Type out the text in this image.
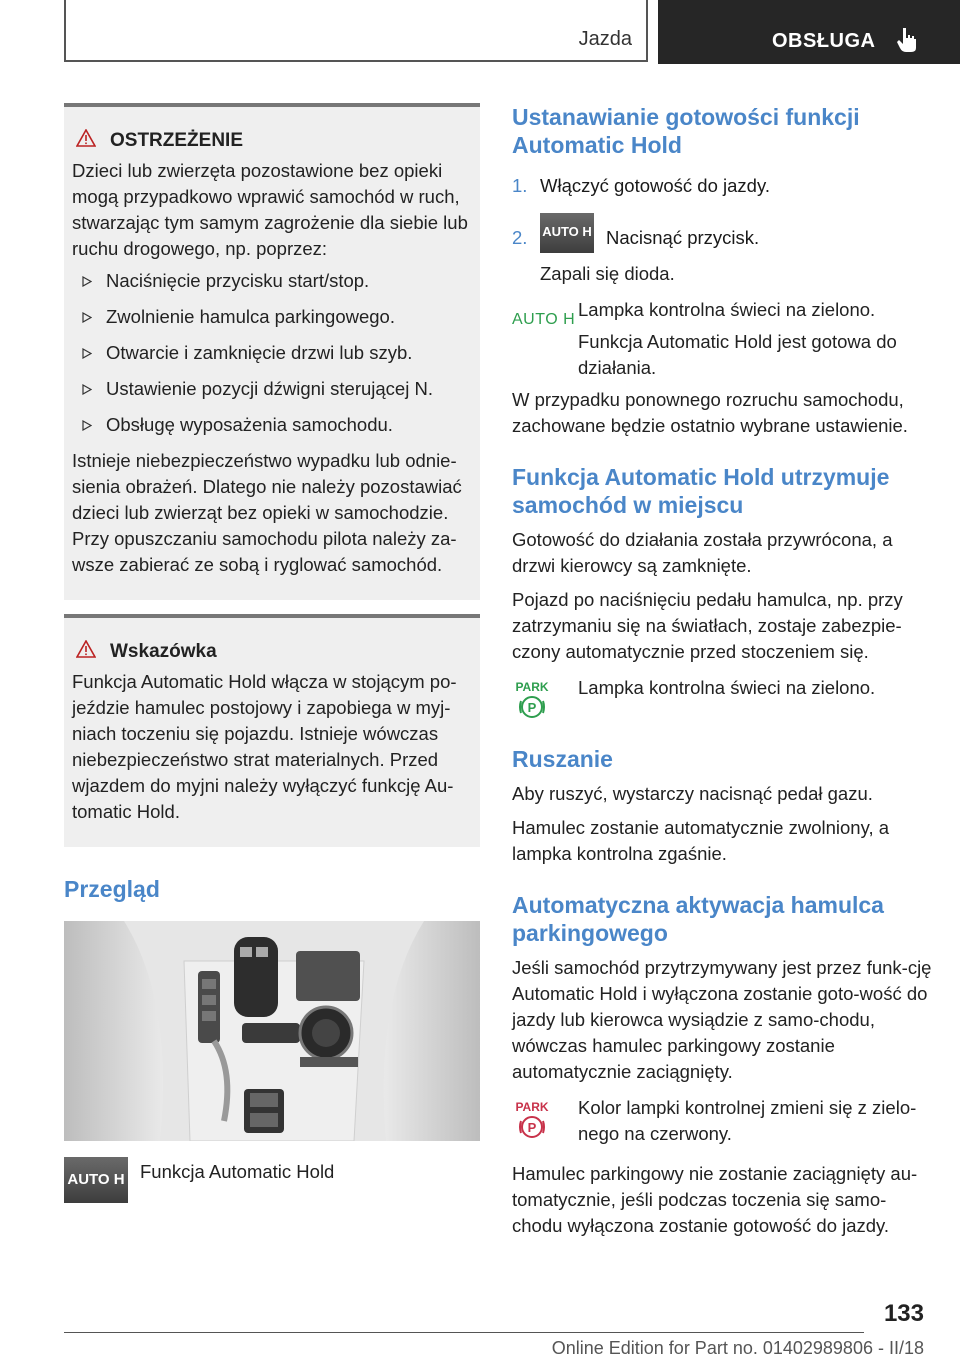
Jazda	OBSŁUGA
OSTRZEŻENIE

Dzieci lub zwierzęta pozostawione bez opieki mogą przypadkowo wprawić samochód w ruch, stwarzając tym samym zagrożenie dla siebie lub ruchu drogowego, np. poprzez:

Naciśnięcie przycisku start/stop.
Zwolnienie hamulca parkingowego.
Otwarcie i zamknięcie drzwi lub szyb.
Ustawienie pozycji dźwigni sterującej N.
Obsługę wyposażenia samochodu.

Istnieje niebezpieczeństwo wypadku lub odnie-sienia obrażeń. Dlatego nie należy pozostawiać dzieci lub zwierząt bez opieki w samochodzie. Przy opuszczaniu samochodu pilota należy za-wsze zabierać ze sobą i ryglować samochód.

Wskazówka

Funkcja Automatic Hold włącza w stojącym po-jeździe hamulec postojowy i zapobiega w myj-niach toczeniu się pojazdu. Istnieje wówczas niebezpieczeństwo strat materialnych. Przed wjazdem do myjni należy wyłączyć funkcję Au-tomatic Hold.

Przegląd
AUTO H Funkcja Automatic Hold
Ustanawianie gotowości funkcji Automatic Hold
1. Włączyć gotowość do jazdy.
2.	AUTO H Nacisnąć przycisk.

Zapali się dioda.

AUTO H Lampka kontrolna świeci na zielono.

Funkcja Automatic Hold jest gotowa do działania.

W przypadku ponownego rozruchu samochodu, zachowane będzie ostatnio wybrane ustawienie.

Funkcja Automatic Hold utrzymuje samochód w miejscu

Gotowość do działania została przywrócona, a drzwi kierowcy są zamknięte.

Pojazd po naciśnięciu pedału hamulca, np. przy zatrzymaniu się na światłach, zostaje zabezpie-czony automatycznie przed stoczeniem się.

PARK
P

Lampka kontrolna świeci na zielono.

Ruszanie

Aby ruszyć, wystarczy nacisnąć pedał gazu.

Hamulec zostanie automatycznie zwolniony, a lampka kontrolna zgaśnie.

Automatyczna aktywacja hamulca parkingowego

Jeśli samochód przytrzymywany jest przez funk-cję Automatic Hold i wyłączona zostanie goto-wość do jazdy lub kierowca wysiądzie z samo-chodu, wówczas hamulec parkingowy zostanie automatycznie zaciągnięty.

PARK
P

Kolor lampki kontrolnej zmieni się z zielo-nego na czerwony.

Hamulec parkingowy nie zostanie zaciągnięty au-tomatycznie, jeśli podczas toczenia się samo-chodu wyłączona zostanie gotowość do jazdy.

133
Online Edition for Part no. 01402989806 - II/18
